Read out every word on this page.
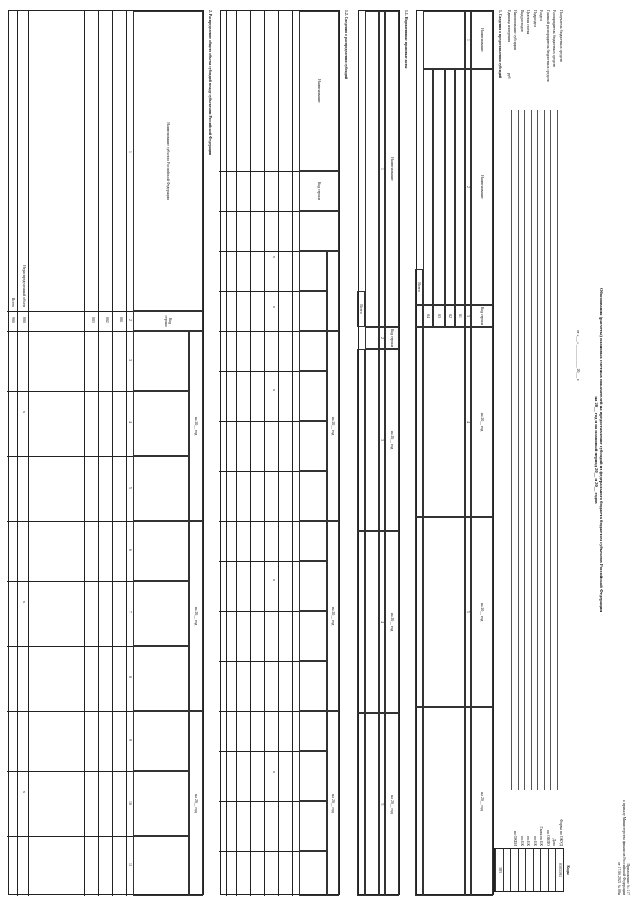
Приложение № 117
к приказу Министерства финансов Российской Федерации
от 17.06.2021 № 88н
Обоснования (расчеты) плановых сметных показателей на предоставление субсидий из федерального бюджета бюджетам субъектов Российской Федерации
на 20__ год и на плановый период 20__ и 20__ годов
от «___» ____________ 20___ г.
Коды
0505591
383
Форма по ОКУД
Дата
по ОКПО
Глава по БК
по БК
по БК
по БК
по ОКЕИ
Получатель бюджетных средств
Распорядитель бюджетных средств
Главный распорядитель бюджетных средств
Раздел
Подраздел
Целевая статья
Вид расходов
Наименование субсидии
Единица измерения руб
1. Сведения о предоставлении субсидий
Наименование
Наименование
Код строки
на 20__ год
на 20__ год
на 20__ год
1
2
3
4
5
01
02
03
04
Всего
1.1. Нормативные правовые акты
Наименование
Код строки
на 20__ год
на 20__ год
на 20__ год
1
2
3
4
5
Всего
1.2. Сведения о распределении субсидий
Наименование
Код строки
на 20__ год
на 20__ год
на 20__ год
x
x
x
x
x
2. Распределение общего объема субсидий между субъектами Российской Федерации
Наименование субъекта Российской Федерации
Код строки
на 20__ год
на 20__ год
на 20__ год
1
2
3
4
5
6
7
8
9
10
11
001
002
003
Нераспределенный объем
800
Всего
900
x
x
x
